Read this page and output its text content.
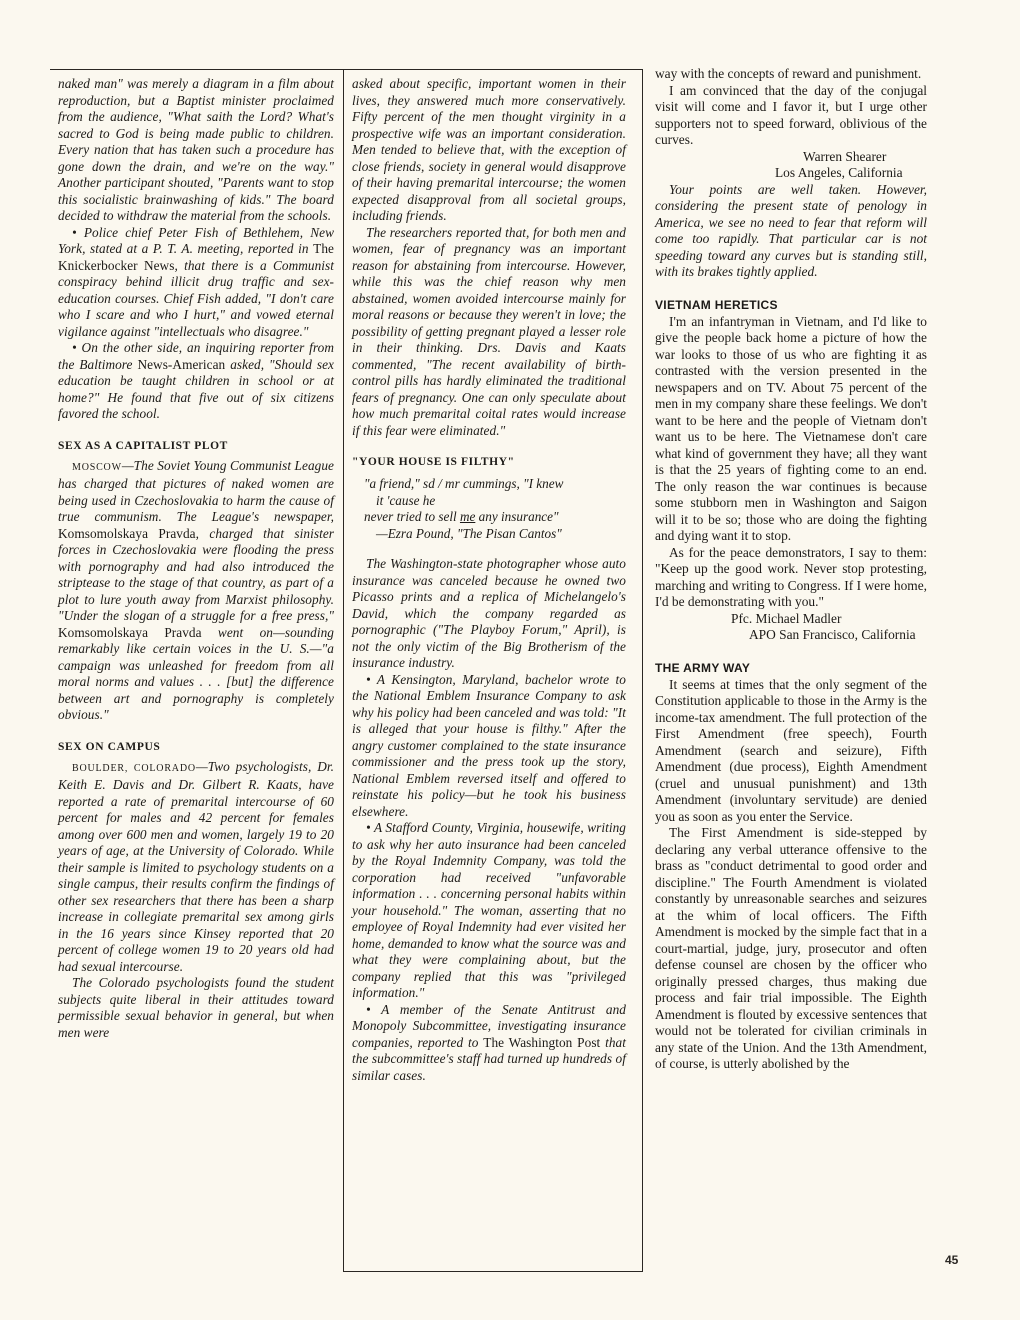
naked man" was merely a diagram in a film about reproduction, but a Baptist minister proclaimed from the audience, "What saith the Lord? What's sacred to God is being made public to children. Every nation that has taken such a procedure has gone down the drain, and we're on the way." Another participant shouted, "Parents want to stop this socialistic brainwashing of kids." The board decided to withdraw the material from the schools.

• Police chief Peter Fish of Bethlehem, New York, stated at a P. T. A. meeting, reported in The Knickerbocker News, that there is a Communist conspiracy behind illicit drug traffic and sex-education courses. Chief Fish added, "I don't care who I scare and who I hurt," and vowed eternal vigilance against "intellectuals who disagree."

• On the other side, an inquiring reporter from the Baltimore News-American asked, "Should sex education be taught children in school or at home?" He found that five out of six citizens favored the school.

SEX AS A CAPITALIST PLOT

MOSCOW—The Soviet Young Communist League has charged that pictures of naked women are being used in Czechoslovakia to harm the cause of true communism. The League's newspaper, Komsomolskaya Pravda, charged that sinister forces in Czechoslovakia were flooding the press with pornography and had also introduced the striptease to the stage of that country, as part of a plot to lure youth away from Marxist philosophy. "Under the slogan of a struggle for a free press," Komsomolskaya Pravda went on—sounding remarkably like certain voices in the U. S.—"a campaign was unleashed for freedom from all moral norms and values . . . [but] the difference between art and pornography is completely obvious."

SEX ON CAMPUS

BOULDER, COLORADO—Two psychologists, Dr. Keith E. Davis and Dr. Gilbert R. Kaats, have reported a rate of premarital intercourse of 60 percent for males and 42 percent for females among over 600 men and women, largely 19 to 20 years of age, at the University of Colorado. While their sample is limited to psychology students on a single campus, their results confirm the findings of other sex researchers that there has been a sharp increase in collegiate premarital sex among girls in the 16 years since Kinsey reported that 20 percent of college women 19 to 20 years old had had sexual intercourse.

The Colorado psychologists found the student subjects quite liberal in their attitudes toward permissible sexual behavior in general, but when men were

asked about specific, important women in their lives, they answered much more conservatively. Fifty percent of the men thought virginity in a prospective wife was an important consideration. Men tended to believe that, with the exception of close friends, society in general would disapprove of their having premarital intercourse; the women expected disapproval from all societal groups, including friends.

The researchers reported that, for both men and women, fear of pregnancy was an important reason for abstaining from intercourse. However, while this was the chief reason why men abstained, women avoided intercourse mainly for moral reasons or because they weren't in love; the possibility of getting pregnant played a lesser role in their thinking. Drs. Davis and Kaats commented, "The recent availability of birth-control pills has hardly eliminated the traditional fears of pregnancy. One can only speculate about how much premarital coital rates would increase if this fear were eliminated."

"YOUR HOUSE IS FILTHY"
"a friend," sd / mr cummings, "I knew
it 'cause he
never tried to sell me any insurance"
—Ezra Pound, "The Pisan Cantos"

The Washington-state photographer whose auto insurance was canceled because he owned two Picasso prints and a replica of Michelangelo's David, which the company regarded as pornographic ("The Playboy Forum," April), is not the only victim of the Big Brotherism of the insurance industry.

• A Kensington, Maryland, bachelor wrote to the National Emblem Insurance Company to ask why his policy had been canceled and was told: "It is alleged that your house is filthy." After the angry customer complained to the state insurance commissioner and the press took up the story, National Emblem reversed itself and offered to reinstate his policy—but he took his business elsewhere.

• A Stafford County, Virginia, housewife, writing to ask why her auto insurance had been canceled by the Royal Indemnity Company, was told the corporation had received "unfavorable information . . . concerning personal habits within your household." The woman, asserting that no employee of Royal Indemnity had ever visited her home, demanded to know what the source was and what they were complaining about, but the company replied that this was "privileged information."

• A member of the Senate Antitrust and Monopoly Subcommittee, investigating insurance companies, reported to The Washington Post that the subcommittee's staff had turned up hundreds of similar cases.

way with the concepts of reward and punishment.

I am convinced that the day of the conjugal visit will come and I favor it, but I urge other supporters not to speed forward, oblivious of the curves.

Warren Shearer
Los Angeles, California

Your points are well taken. However, considering the present state of penology in America, we see no need to fear that reform will come too rapidly. That particular car is not speeding toward any curves but is standing still, with its brakes tightly applied.

VIETNAM HERETICS

I'm an infantryman in Vietnam, and I'd like to give the people back home a picture of how the war looks to those of us who are fighting it as contrasted with the version presented in the newspapers and on TV. About 75 percent of the men in my company share these feelings. We don't want to be here and the people of Vietnam don't want us to be here. The Vietnamese don't care what kind of government they have; all they want is that the 25 years of fighting come to an end. The only reason the war continues is because some stubborn men in Washington and Saigon will it to be so; those who are doing the fighting and dying want it to stop.

As for the peace demonstrators, I say to them: "Keep up the good work. Never stop protesting, marching and writing to Congress. If I were home, I'd be demonstrating with you."

Pfc. Michael Madler
APO San Francisco, California
THE ARMY WAY

It seems at times that the only segment of the Constitution applicable to those in the Army is the income-tax amendment. The full protection of the First Amendment (free speech), Fourth Amendment (search and seizure), Fifth Amendment (due process), Eighth Amendment (cruel and unusual punishment) and 13th Amendment (involuntary servitude) are denied you as soon as you enter the Service.

The First Amendment is side-stepped by declaring any verbal utterance offensive to the brass as "conduct detrimental to good order and discipline." The Fourth Amendment is violated constantly by unreasonable searches and seizures at the whim of local officers. The Fifth Amendment is mocked by the simple fact that in a court-martial, judge, jury, prosecutor and often defense counsel are chosen by the officer who originally pressed charges, thus making due process and fair trial impossible. The Eighth Amendment is flouted by excessive sentences that would not be tolerated for civilian criminals in any state of the Union. And the 13th Amendment, of course, is utterly abolished by the

45
